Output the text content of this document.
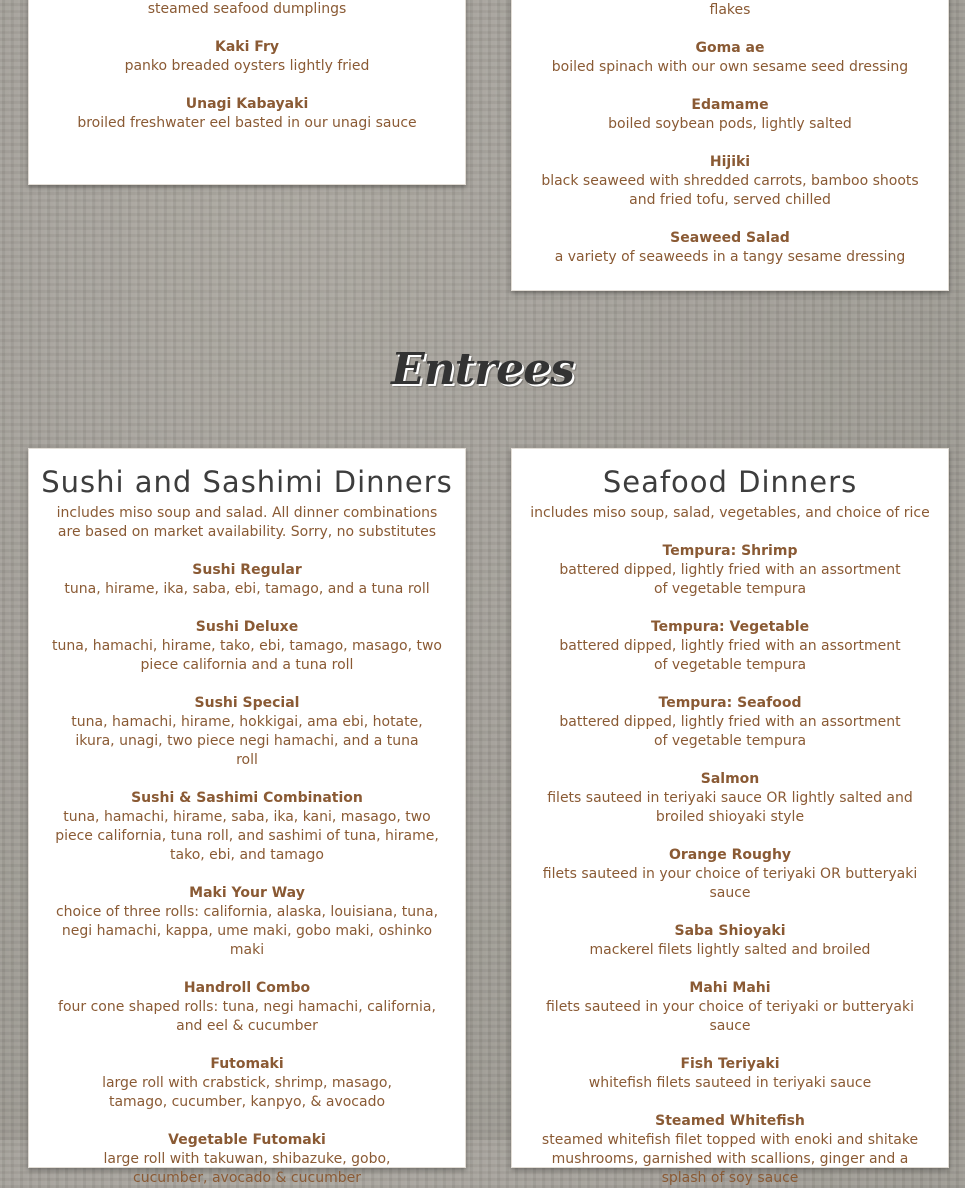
steamed seafood dumplings
Kaki Fry
panko breaded oysters lightly fried
Unagi Kabayaki
broiled freshwater eel basted in our unagi sauce
flakes
Goma ae
boiled spinach with our own sesame seed dressing
Edamame
boiled soybean pods, lightly salted
Hijiki
black seaweed with shredded carrots, bamboo shoots and fried tofu, served chilled
Seaweed Salad
a variety of seaweeds in a tangy sesame dressing
Entrees
Sushi and Sashimi Dinners
includes miso soup and salad. All dinner combinations are based on market availability. Sorry, no substitutes
Sushi Regular
tuna, hirame, ika, saba, ebi, tamago, and a tuna roll
Sushi Deluxe
tuna, hamachi, hirame, tako, ebi, tamago, masago, two piece california and a tuna roll
Sushi Special
tuna, hamachi, hirame, hokkigai, ama ebi, hotate, ikura, unagi, two piece negi hamachi, and a tuna roll
Sushi & Sashimi Combination
tuna, hamachi, hirame, saba, ika, kani, masago, two piece california, tuna roll, and sashimi of tuna, hirame, tako, ebi, and tamago
Maki Your Way
choice of three rolls: california, alaska, louisiana, tuna, negi hamachi, kappa, ume maki, gobo maki, oshinko maki
Handroll Combo
four cone shaped rolls: tuna, negi hamachi, california, and eel & cucumber
Futomaki
large roll with crabstick, shrimp, masago, tamago, cucumber, kanpyo, & avocado
Vegetable Futomaki
large roll with takuwan, shibazuke, gobo, cucumber, avocado & cucumber
Seafood Dinners
includes miso soup, salad, vegetables, and choice of rice
Tempura: Shrimp
battered dipped, lightly fried with an assortment of vegetable tempura
Tempura: Vegetable
battered dipped, lightly fried with an assortment of vegetable tempura
Tempura: Seafood
battered dipped, lightly fried with an assortment of vegetable tempura
Salmon
filets sauteed in teriyaki sauce OR lightly salted and broiled shioyaki style
Orange Roughy
filets sauteed in your choice of teriyaki OR butteryaki sauce
Saba Shioyaki
mackerel filets lightly salted and broiled
Mahi Mahi
filets sauteed in your choice of teriyaki or butteryaki sauce
Fish Teriyaki
whitefish filets sauteed in teriyaki sauce
Steamed Whitefish
steamed whitefish filet topped with enoki and shitake mushrooms, garnished with scallions, ginger and a splash of soy sauce
